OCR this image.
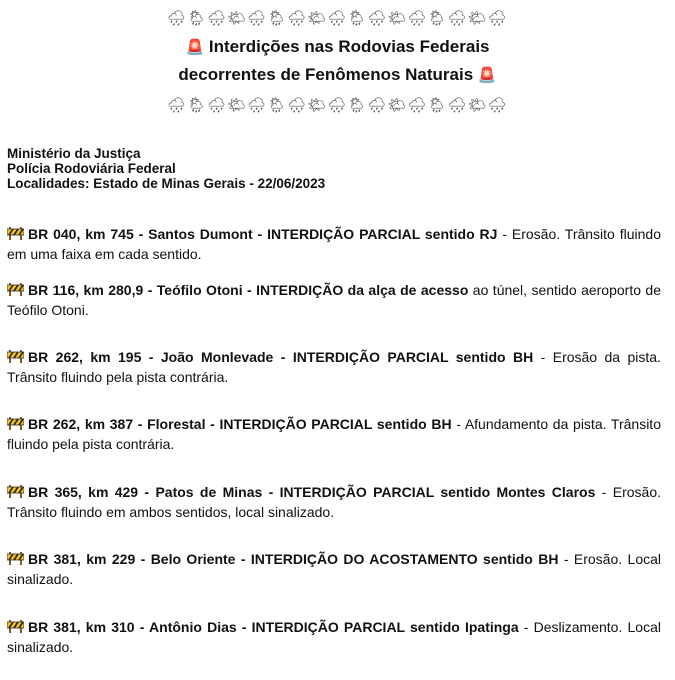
🌧🌦🌧🌤🌧🌦🌧🌤🌧🌦🌧🌤🌧🌦🌧🌤🌧
🚨 Interdições nas Rodovias Federais
decorrentes de Fenômenos Naturais 🚨
🌧🌦🌧🌤🌧🌦🌧🌤🌧🌦🌧🌤🌧🌦🌧🌤🌧
Ministério da Justiça
Polícia Rodoviária Federal
Localidades: Estado de Minas Gerais - 22/06/2023
BR 040, km 745 - Santos Dumont - INTERDIÇÃO PARCIAL sentido RJ - Erosão. Trânsito fluindo em uma faixa em cada sentido.
BR 116, km 280,9 - Teófilo Otoni - INTERDIÇÃO da alça de acesso ao túnel, sentido aeroporto de Teófilo Otoni.
BR 262, km 195 - João Monlevade - INTERDIÇÃO PARCIAL sentido BH - Erosão da pista. Trânsito fluindo pela pista contrária.
BR 262, km 387 - Florestal - INTERDIÇÃO PARCIAL sentido BH - Afundamento da pista. Trânsito fluindo pela pista contrária.
BR 365, km 429 - Patos de Minas - INTERDIÇÃO PARCIAL sentido Montes Claros - Erosão. Trânsito fluindo em ambos sentidos, local sinalizado.
BR 381, km 229 - Belo Oriente - INTERDIÇÃO DO ACOSTAMENTO sentido BH - Erosão. Local sinalizado.
BR 381, km 310 - Antônio Dias - INTERDIÇÃO PARCIAL sentido Ipatinga - Deslizamento. Local sinalizado.
